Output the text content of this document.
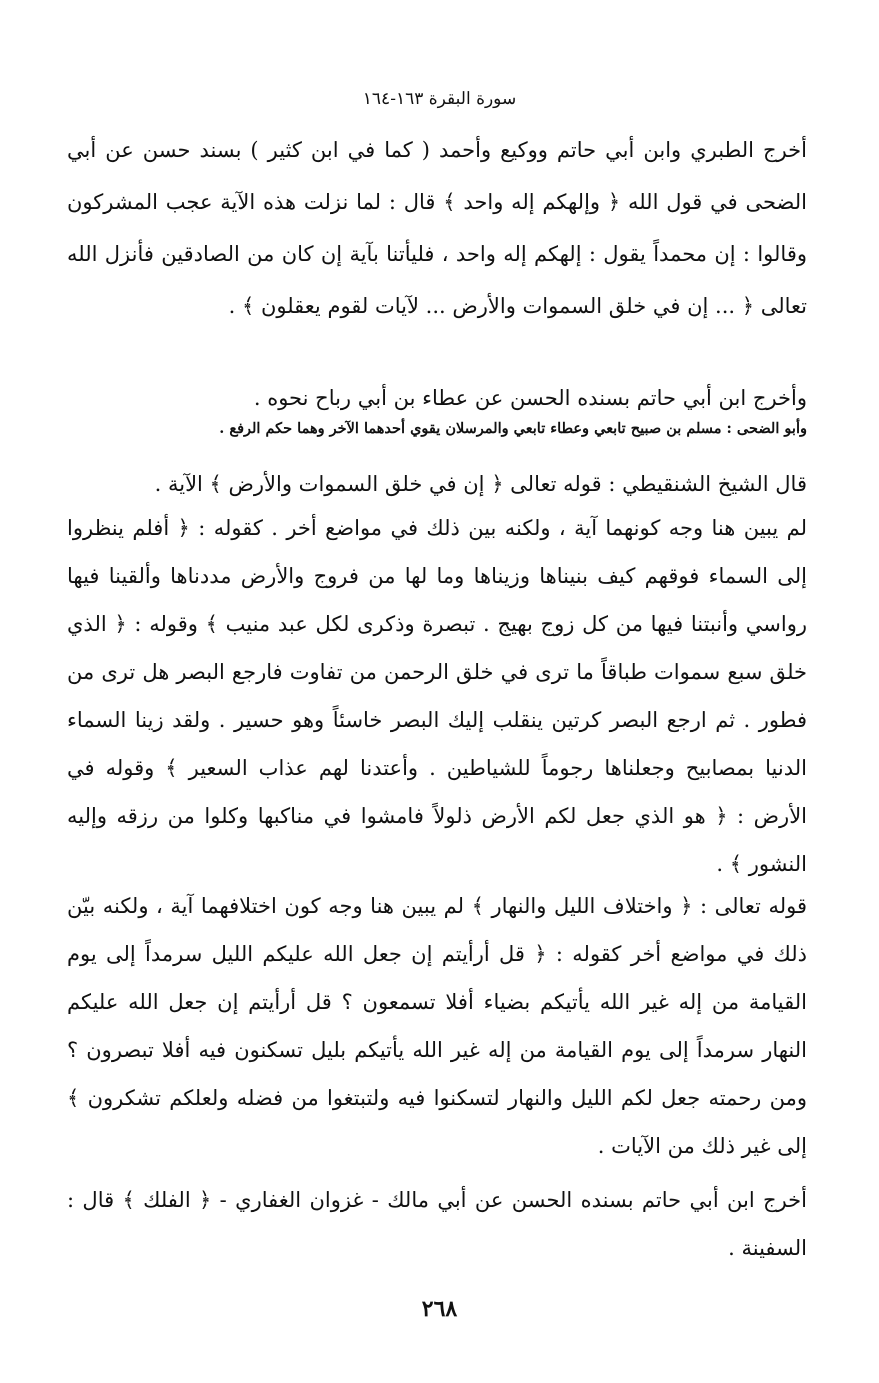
سورة البقرة ١٦٣-١٦٤

أخرج الطبري وابن أبي حاتم ووكيع وأحمد ( كما في ابن كثير ) بسند حسن عن أبي الضحى في قول الله ﴿ وإلهكم إله واحد ﴾ قال : لما نزلت هذه الآية عجب المشركون وقالوا : إن محمداً يقول : إلهكم إله واحد ، فليأتنا بآية إن كان من الصادقين فأنزل الله تعالى ﴿ ... إن في خلق السموات والأرض ... لآيات لقوم يعقلون ﴾ .

وأخرج ابن أبي حاتم بسنده الحسن عن عطاء بن أبي رباح نحوه .

وأبو الضحى : مسلم بن صبيح تابعي وعطاء تابعي والمرسلان يقوي أحدهما الآخر وهما حكم الرفع .

قال الشيخ الشنقيطي : قوله تعالى ﴿ إن في خلق السموات والأرض ﴾ الآية .

لم يبين هنا وجه كونهما آية ، ولكنه بين ذلك في مواضع أخر . كقوله : ﴿ أفلم ينظروا إلى السماء فوقهم كيف بنيناها وزيناها وما لها من فروج والأرض مددناها وألقينا فيها رواسي وأنبتنا فيها من كل زوج بهيج . تبصرة وذكرى لكل عبد منيب ﴾ وقوله : ﴿ الذي خلق سبع سموات طباقاً ما ترى في خلق الرحمن من تفاوت فارجع البصر هل ترى من فطور . ثم ارجع البصر كرتين ينقلب إليك البصر خاسئاً وهو حسير . ولقد زينا السماء الدنيا بمصابيح وجعلناها رجوماً للشياطين . وأعتدنا لهم عذاب السعير ﴾ وقوله في الأرض : ﴿ هو الذي جعل لكم الأرض ذلولاً فامشوا في مناكبها وكلوا من رزقه وإليه النشور ﴾ .

قوله تعالى : ﴿ واختلاف الليل والنهار ﴾ لم يبين هنا وجه كون اختلافهما آية ، ولكنه بيّن ذلك في مواضع أخر كقوله : ﴿ قل أرأيتم إن جعل الله عليكم الليل سرمداً إلى يوم القيامة من إله غير الله يأتيكم بضياء أفلا تسمعون ؟ قل أرأيتم إن جعل الله عليكم النهار سرمداً إلى يوم القيامة من إله غير الله يأتيكم بليل تسكنون فيه أفلا تبصرون ؟ ومن رحمته جعل لكم الليل والنهار لتسكنوا فيه ولتبتغوا من فضله ولعلكم تشكرون ﴾ إلى غير ذلك من الآيات .

أخرج ابن أبي حاتم بسنده الحسن عن أبي مالك - غزوان الغفاري - ﴿ الفلك ﴾ قال : السفينة .

٢٦٨
